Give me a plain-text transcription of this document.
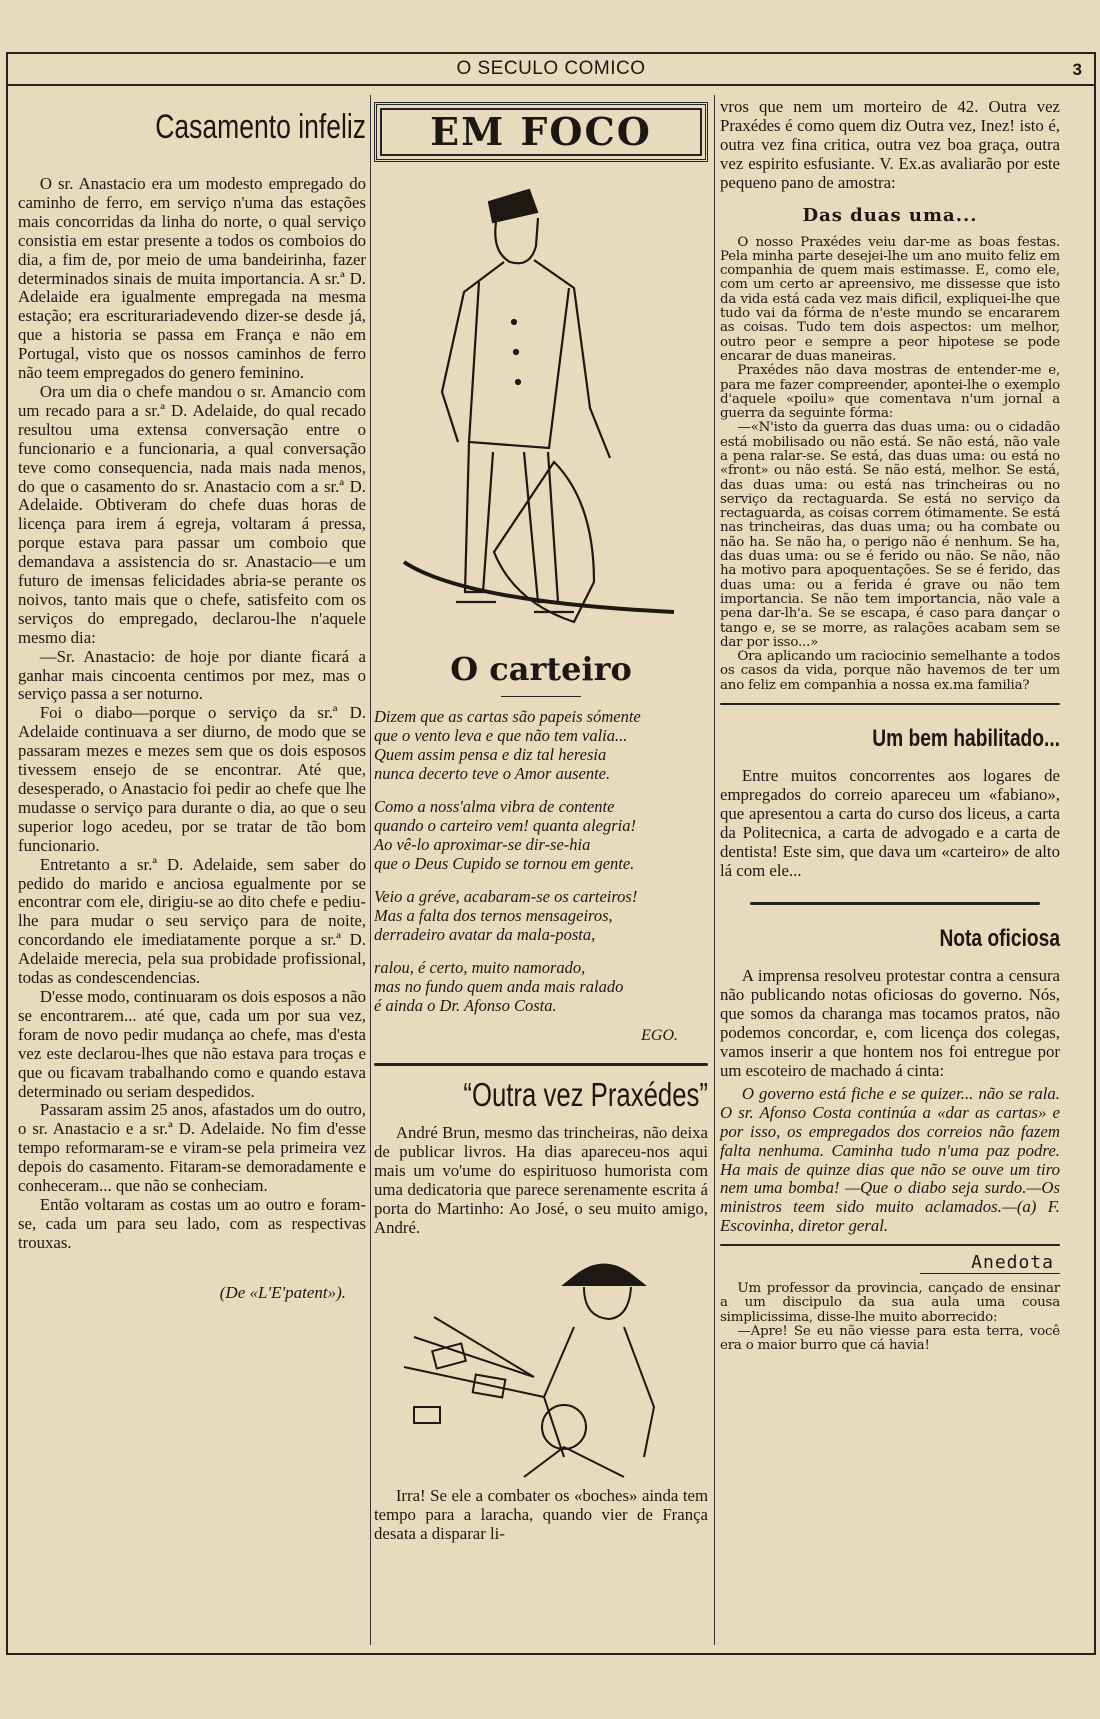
O SECULO COMICO	3
Casamento infeliz

O sr. Anastacio era um modesto empregado do caminho de ferro, em serviço n'uma das estações mais concorridas da linha do norte, o qual serviço consistia em estar presente a todos os comboios do dia, a fim de, por meio de uma bandeirinha, fazer determinados sinais de muita importancia. A sr.ª D. Adelaide era igualmente empregada na mesma estação; era escriturariadevendo dizer-se desde já, que a historia se passa em França e não em Portugal, visto que os nossos caminhos de ferro não teem empregados do genero feminino.

Ora um dia o chefe mandou o sr. Amancio com um recado para a sr.ª D. Adelaide, do qual recado resultou uma extensa conversação entre o funcionario e a funcionaria, a qual conversação teve como consequencia, nada mais nada menos, do que o casamento do sr. Anastacio com a sr.ª D. Adelaide. Obtiveram do chefe duas horas de licença para irem á egreja, voltaram á pressa, porque estava para passar um comboio que demandava a assistencia do sr. Anastacio—e um futuro de imensas felicidades abria-se perante os noivos, tanto mais que o chefe, satisfeito com os serviços do empregado, declarou-lhe n'aquele mesmo dia:

—Sr. Anastacio: de hoje por diante ficará a ganhar mais cincoenta centimos por mez, mas o serviço passa a ser noturno.

Foi o diabo—porque o serviço da sr.ª D. Adelaide continuava a ser diurno, de modo que se passaram mezes e mezes sem que os dois esposos tivessem ensejo de se encontrar. Até que, desesperado, o Anastacio foi pedir ao chefe que lhe mudasse o serviço para durante o dia, ao que o seu superior logo acedeu, por se tratar de tão bom funcionario.

Entretanto a sr.ª D. Adelaide, sem saber do pedido do marido e anciosa egualmente por se encontrar com ele, dirigiu-se ao dito chefe e pediu-lhe para mudar o seu serviço para de noite, concordando ele imediatamente porque a sr.ª D. Adelaide merecia, pela sua probidade profissional, todas as condescendencias.

D'esse modo, continuaram os dois esposos a não se encontrarem... até que, cada um por sua vez, foram de novo pedir mudança ao chefe, mas d'esta vez este declarou-lhes que não estava para troças e que ou ficavam trabalhando como e quando estava determinado ou seriam despedidos.

Passaram assim 25 anos, afastados um do outro, o sr. Anastacio e a sr.ª D. Adelaide. No fim d'esse tempo reformaram-se e viram-se pela primeira vez depois do casamento. Fitaram-se demoradamente e conheceram... que não se conheciam.

Então voltaram as costas um ao outro e foram-se, cada um para seu lado, com as respectivas trouxas.

(De «L'E'patent»).
EM FOCO
O carteiro
Dizem que as cartas são papeis sómente
que o vento leva e que não tem valia...
Quem assim pensa e diz tal heresia
nunca decerto teve o Amor ausente.
Como a noss'alma vibra de contente
quando o carteiro vem! quanta alegria!
Ao vê-lo aproximar-se dir-se-hia
que o Deus Cupido se tornou em gente.
Veio a gréve, acabaram-se os carteiros!
Mas a falta dos ternos mensageiros,
derradeiro avatar da mala-posta,
ralou, é certo, muito namorado,
mas no fundo quem anda mais ralado
é ainda o Dr. Afonso Costa.
EGO.
“Outra vez Praxédes”

André Brun, mesmo das trincheiras, não deixa de publicar livros. Ha dias apareceu-nos aqui mais um vo'ume do espirituoso humorista com uma dedicatoria que parece serenamente escrita á porta do Martinho: Ao José, o seu muito amigo, André.

Irra! Se ele a combater os «boches» ainda tem tempo para a laracha, quando vier de França desata a disparar li-

vros que nem um morteiro de 42. Outra vez Praxédes é como quem diz Outra vez, Inez! isto é, outra vez fina critica, outra vez boa graça, outra vez espirito esfusiante. V. Ex.as avaliarão por este pequeno pano de amostra:

Das duas uma...

O nosso Praxédes veiu dar-me as boas festas. Pela minha parte desejei-lhe um ano muito feliz em companhia de quem mais estimasse. E, como ele, com um certo ar apreensivo, me dissesse que isto da vida está cada vez mais dificil, expliquei-lhe que tudo vai da fórma de n'este mundo se encararem as coisas. Tudo tem dois aspectos: um melhor, outro peor e sempre a peor hipotese se pode encarar de duas maneiras.

Praxédes não dava mostras de entender-me e, para me fazer compreender, apontei-lhe o exemplo d'aquele «poilu» que comentava n'um jornal a guerra da seguinte fórma:

—«N'isto da guerra das duas uma: ou o cidadão está mobilisado ou não está. Se não está, não vale a pena ralar-se. Se está, das duas uma: ou está no «front» ou não está. Se não está, melhor. Se está, das duas uma: ou está nas trincheiras ou no serviço da rectaguarda. Se está no serviço da rectaguarda, as coisas correm ótimamente. Se está nas trincheiras, das duas uma; ou ha combate ou não ha. Se não ha, o perigo não é nenhum. Se ha, das duas uma: ou se é ferido ou não. Se não, não ha motivo para apoquentações. Se se é ferido, das duas uma: ou a ferida é grave ou não tem importancia. Se não tem importancia, não vale a pena dar-lh'a. Se se escapa, é caso para dançar o tango e, se se morre, as ralações acabam sem se dar por isso...»

Ora aplicando um raciocinio semelhante a todos os casos da vida, porque não havemos de ter um ano feliz em companhia a nossa ex.ma familia?

Um bem habilitado...

Entre muitos concorrentes aos logares de empregados do correio apareceu um «fabiano», que apresentou a carta do curso dos liceus, a carta da Politecnica, a carta de advogado e a carta de dentista! Este sim, que dava um «carteiro» de alto lá com ele...

Nota oficiosa

A imprensa resolveu protestar contra a censura não publicando notas oficiosas do governo. Nós, que somos da charanga mas tocamos pratos, não podemos concordar, e, com licença dos colegas, vamos inserir a que hontem nos foi entregue por um escoteiro de machado á cinta:

O governo está fiche e se quizer... não se rala. O sr. Afonso Costa continúa a «dar as cartas» e por isso, os empregados dos correios não fazem falta nenhuma. Caminha tudo n'uma paz podre. Ha mais de quinze dias que não se ouve um tiro nem uma bomba! —Que o diabo seja surdo.—Os ministros teem sido muito aclamados.—(a) F. Escovinha, diretor geral.

Anedota

Um professor da provincia, cançado de ensinar a um discipulo da sua aula uma cousa simplicissima, disse-lhe muito aborrecido:

—Apre! Se eu não viesse para esta terra, você era o maior burro que cá havia!
